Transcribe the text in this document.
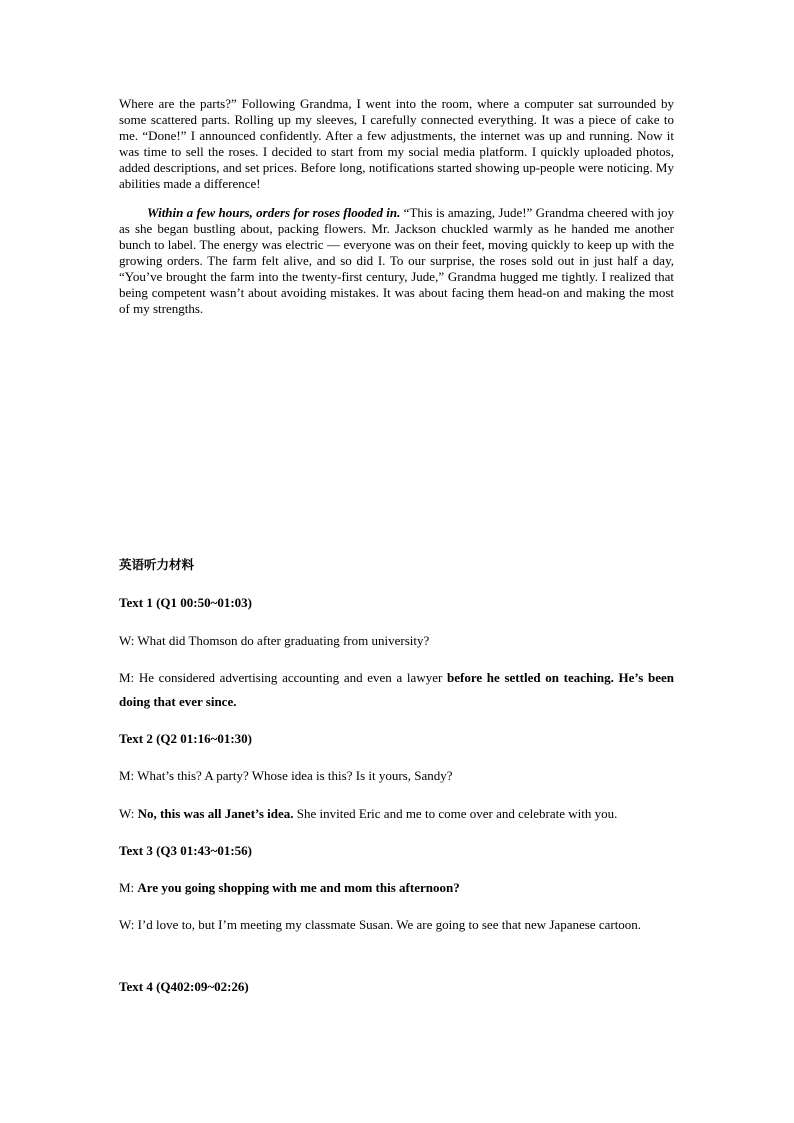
Where are the parts?” Following Grandma, I went into the room, where a computer sat surrounded by some scattered parts. Rolling up my sleeves, I carefully connected everything. It was a piece of cake to me. “Done!” I announced confidently. After a few adjustments, the internet was up and running. Now it was time to sell the roses. I decided to start from my social media platform. I quickly uploaded photos, added descriptions, and set prices. Before long, notifications started showing up-people were noticing. My abilities made a difference!

Within a few hours, orders for roses flooded in. “This is amazing, Jude!” Grandma cheered with joy as she began bustling about, packing flowers. Mr. Jackson chuckled warmly as he handed me another bunch to label. The energy was electric — everyone was on their feet, moving quickly to keep up with the growing orders. The farm felt alive, and so did I. To our surprise, the roses sold out in just half a day, “You’ve brought the farm into the twenty-first century, Jude,” Grandma hugged me tightly. I realized that being competent wasn’t about avoiding mistakes. It was about facing them head-on and making the most of my strengths.

英语听力材料

Text 1 (Q1 00:50~01:03)

W: What did Thomson do after graduating from university?

M: He considered advertising accounting and even a lawyer before he settled on teaching. He’s been doing that ever since.

Text 2 (Q2 01:16~01:30)

M: What’s this? A party? Whose idea is this? Is it yours, Sandy?

W: No, this was all Janet’s idea. She invited Eric and me to come over and celebrate with you.

Text 3 (Q3 01:43~01:56)

M: Are you going shopping with me and mom this afternoon?

W: I’d love to, but I’m meeting my classmate Susan. We are going to see that new Japanese cartoon.

Text 4 (Q402:09~02:26)
